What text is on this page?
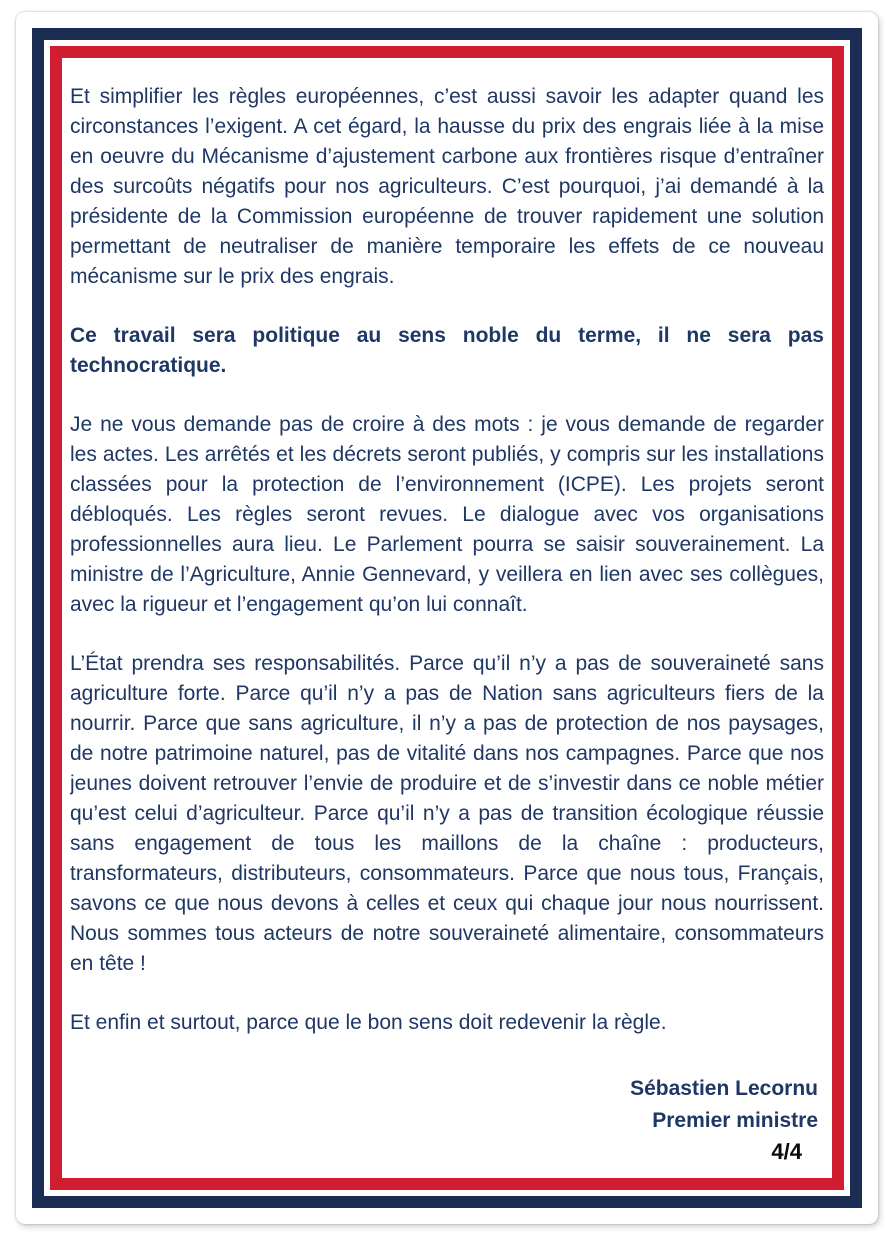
Et simplifier les règles européennes, c’est aussi savoir les adapter quand les circonstances l’exigent. A cet égard, la hausse du prix des engrais liée à la mise en oeuvre du Mécanisme d’ajustement carbone aux frontières risque d’entraîner des surcoûts négatifs pour nos agriculteurs. C’est pourquoi, j’ai demandé à la présidente de la Commission européenne de trouver rapidement une solution permettant de neutraliser de manière temporaire les effets de ce nouveau mécanisme sur le prix des engrais.

Ce travail sera politique au sens noble du terme, il ne sera pas technocratique.

Je ne vous demande pas de croire à des mots : je vous demande de regarder les actes. Les arrêtés et les décrets seront publiés, y compris sur les installations classées pour la protection de l’environnement (ICPE). Les projets seront débloqués. Les règles seront revues. Le dialogue avec vos organisations professionnelles aura lieu. Le Parlement pourra se saisir souverainement. La ministre de l’Agriculture, Annie Gennevard, y veillera en lien avec ses collègues, avec la rigueur et l’engagement qu’on lui connaît.

L’État prendra ses responsabilités. Parce qu’il n’y a pas de souveraineté sans agriculture forte. Parce qu’il n’y a pas de Nation sans agriculteurs fiers de la nourrir. Parce que sans agriculture, il n’y a pas de protection de nos paysages, de notre patrimoine naturel, pas de vitalité dans nos campagnes. Parce que nos jeunes doivent retrouver l’envie de produire et de s’investir dans ce noble métier qu’est celui d’agriculteur. Parce qu’il n’y a pas de transition écologique réussie sans engagement de tous les maillons de la chaîne : producteurs, transformateurs, distributeurs, consommateurs. Parce que nous tous, Français, savons ce que nous devons à celles et ceux qui chaque jour nous nourrissent. Nous sommes tous acteurs de notre souveraineté alimentaire, consommateurs en tête !

Et enfin et surtout, parce que le bon sens doit redevenir la règle.

Sébastien Lecornu
Premier ministre
4/4
